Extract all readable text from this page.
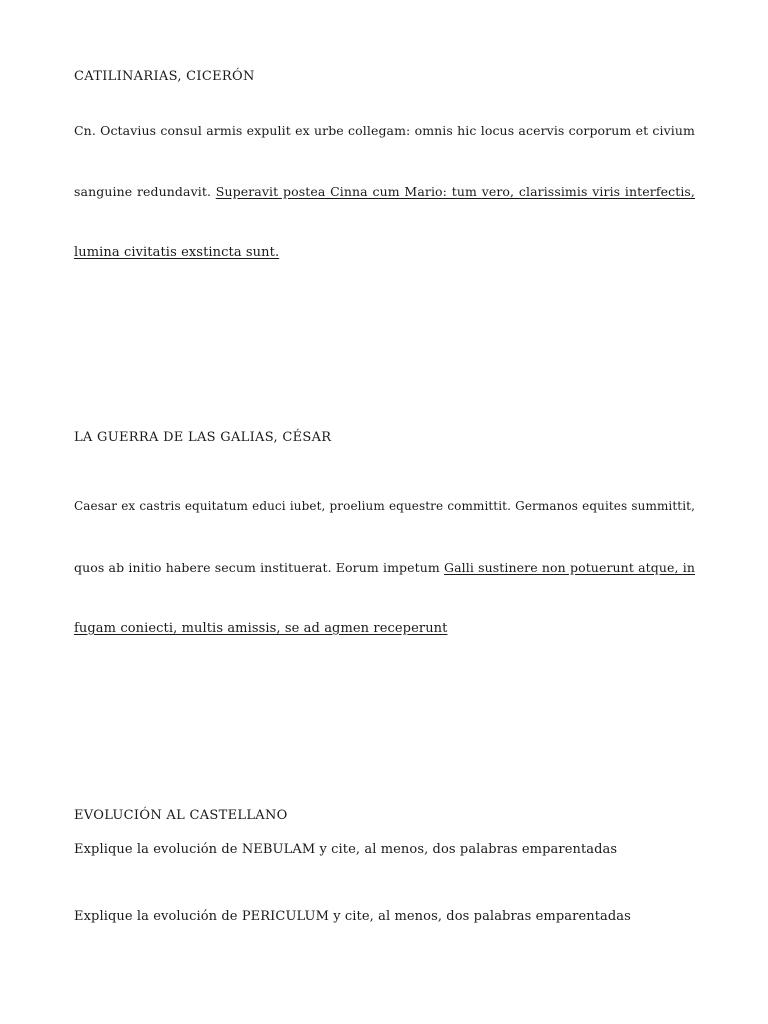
CATILINARIAS, CICERÓN
Cn. Octavius consul armis expulit ex urbe collegam: omnis hic locus acervis corporum et civium
sanguine redundavit. Superavit postea Cinna cum Mario: tum vero, clarissimis viris interfectis,
lumina civitatis exstincta sunt.
LA GUERRA DE LAS GALIAS, CÉSAR
Caesar ex castris equitatum educi iubet, proelium equestre committit. Germanos equites summittit,
quos ab initio habere secum instituerat. Eorum impetum Galli sustinere non potuerunt atque, in
fugam coniecti, multis amissis, se ad agmen receperunt
EVOLUCIÓN AL CASTELLANO
Explique la evolución de NEBULAM y cite, al menos, dos palabras emparentadas
Explique la evolución de PERICULUM y cite, al menos, dos palabras emparentadas
